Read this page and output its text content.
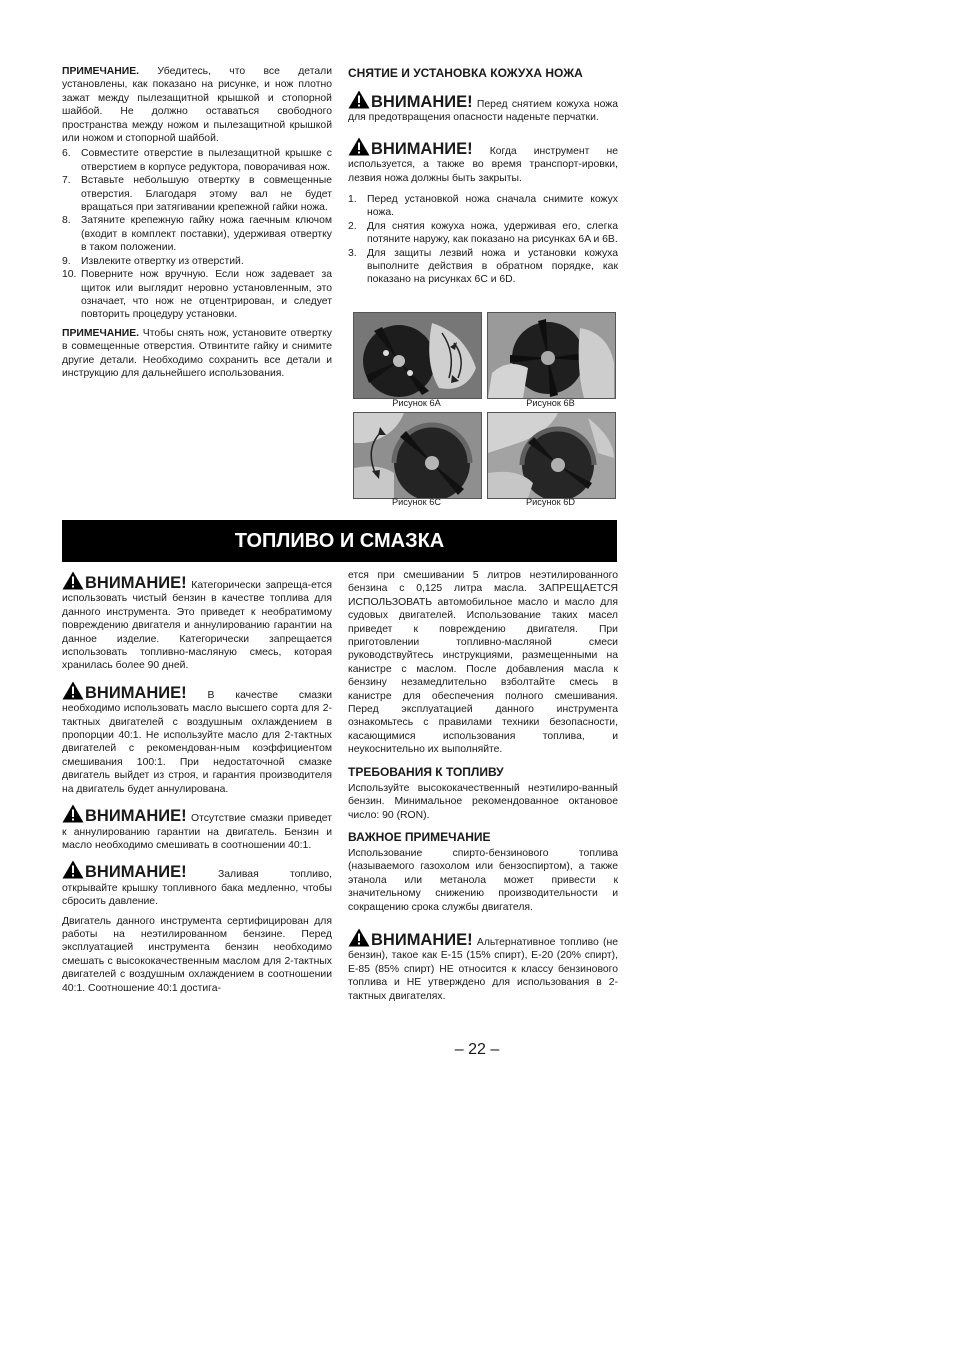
ПРИМЕЧАНИЕ. Убедитесь, что все детали установлены, как показано на рисунке, и нож плотно зажат между пылезащитной крышкой и стопорной шайбой. Не должно оставаться свободного пространства между ножом и пылезащитной крышкой или ножом и стопорной шайбой.

6. Совместите отверстие в пылезащитной крышке с отверстием в корпусе редуктора, поворачивая нож.
7. Вставьте небольшую отвертку в совмещенные отверстия. Благодаря этому вал не будет вращаться при затягивании крепежной гайки ножа.
8. Затяните крепежную гайку ножа гаечным ключом (входит в комплект поставки), удерживая отвертку в таком положении.
9. Извлеките отвертку из отверстий.
10. Поверните нож вручную. Если нож задевает за щиток или выглядит неровно установленным, это означает, что нож не отцентрирован, и следует повторить процедуру установки.

ПРИМЕЧАНИЕ. Чтобы снять нож, установите отвертку в совмещенные отверстия. Отвинтите гайку и снимите другие детали. Необходимо сохранить все детали и инструкцию для дальнейшего использования.

СНЯТИЕ И УСТАНОВКА КОЖУХА НОЖА

ВНИМАНИЕ! Перед снятием кожуха ножа для предотвращения опасности наденьте перчатки.

ВНИМАНИЕ! Когда инструмент не используется, а также во время транспорт-ировки, лезвия ножа должны быть закрыты.

1. Перед установкой ножа сначала снимите кожух ножа.
2. Для снятия кожуха ножа, удерживая его, слегка потяните наружу, как показано на рисунках 6A и 6B.
3. Для защиты лезвий ножа и установки кожуха выполните действия в обратном порядке, как показано на рисунках 6C и 6D.
Рисунок 6A	Рисунок 6B
Рисунок 6C	Рисунок 6D
ТОПЛИВО И СМАЗКА

ВНИМАНИЕ! Категорически запреща-ется использовать чистый бензин в качестве топлива для данного инструмента. Это приведет к необратимому повреждению двигателя и аннулированию гарантии на данное изделие. Категорически запрещается использовать топливно-масляную смесь, которая хранилась более 90 дней.

ВНИМАНИЕ! В качестве смазки необходимо использовать масло высшего сорта для 2-тактных двигателей с воздушным охлаждением в пропорции 40:1. Не используйте масло для 2-тактных двигателей с рекомендован-ным коэффициентом смешивания 100:1. При недостаточной смазке двигатель выйдет из строя, и гарантия производителя на двигатель будет аннулирована.

ВНИМАНИЕ! Отсутствие смазки приведет к аннулированию гарантии на двигатель. Бензин и масло необходимо смешивать в соотношении 40:1.

ВНИМАНИЕ!	Заливая топливо, открывайте крышку топливного бака медленно, чтобы сбросить давление.

Двигатель данного инструмента сертифицирован для работы на неэтилированном бензине. Перед эксплуатацией инструмента бензин необходимо смешать с высококачественным маслом для 2-тактных двигателей с воздушным охлаждением в соотношении 40:1. Соотношение 40:1 достига-

ется при смешивании 5 литров неэтилированного бензина с 0,125 литра масла. ЗАПРЕЩАЕТСЯ ИСПОЛЬЗОВАТЬ автомобильное масло и масло для судовых двигателей. Использование таких масел приведет к повреждению двигателя. При приготовлении топливно-масляной смеси руководствуйтесь инструкциями, размещенными на канистре с маслом. После добавления масла к бензину незамедлительно взболтайте смесь в канистре для обеспечения полного смешивания. Перед эксплуатацией данного инструмента ознакомьтесь с правилами техники безопасности, касающимися использования топлива, и неукоснительно их выполняйте.

ТРЕБОВАНИЯ К ТОПЛИВУ

Используйте высококачественный неэтилиро-ванный бензин. Минимальное рекомендованное октановое число: 90 (RON).

ВАЖНОЕ ПРИМЕЧАНИЕ

Использование спирто-бензинового топлива (называемого газохолом или бензоспиртом), а также этанола или метанола может привести к значительному снижению производительности и сокращению срока службы двигателя.

ВНИМАНИЕ! Альтернативное топливо (не бензин), такое как E-15 (15% спирт), E-20 (20% спирт), E-85 (85% спирт) НЕ относится к классу бензинового топлива и НЕ утверждено для использования в 2-тактных двигателях.

– 22 –
